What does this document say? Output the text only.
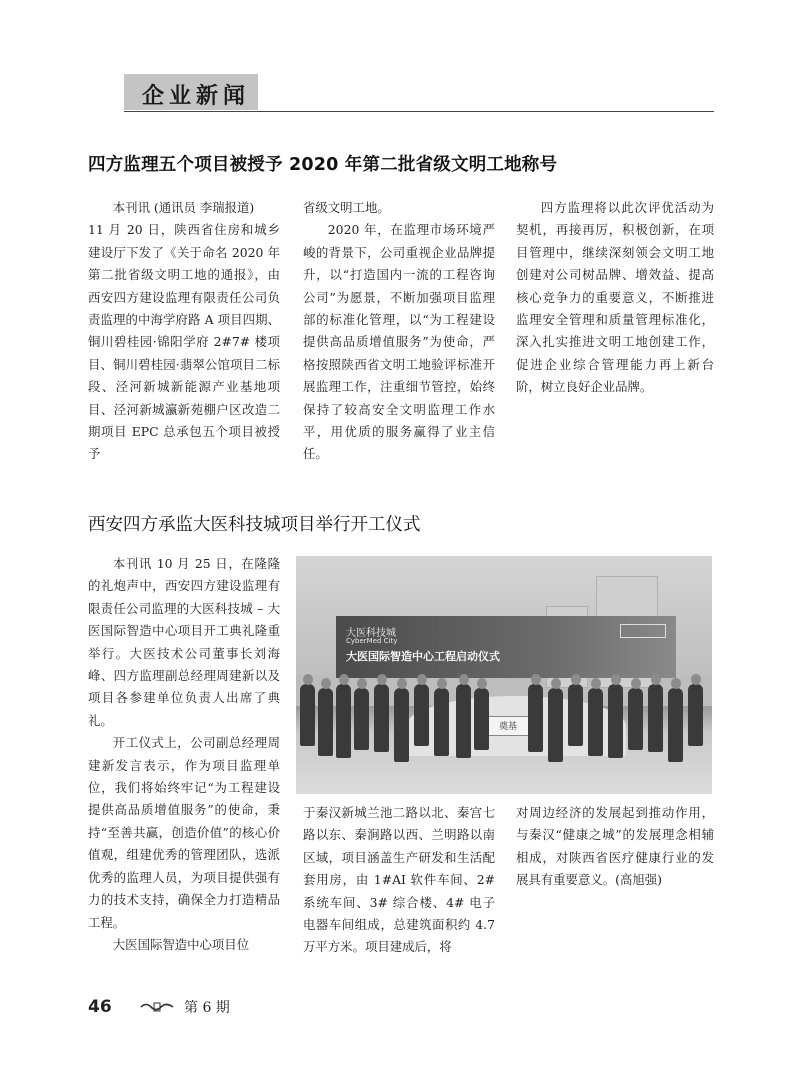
企业新闻
四方监理五个项目被授予 2020 年第二批省级文明工地称号

本刊讯 (通讯员 李瑞报道)

11 月 20 日，陕西省住房和城乡建设厅下发了《关于命名 2020 年第二批省级文明工地的通报》，由西安四方建设监理有限责任公司负责监理的中海学府路 A 项目四期、铜川碧桂园·锦阳学府 2#7# 楼项目、铜川碧桂园·翡翠公馆项目二标段、泾河新城新能源产业基地项目、泾河新城瀛新苑棚户区改造二期项目 EPC 总承包五个项目被授予

省级文明工地。

2020 年，在监理市场环境严峻的背景下，公司重视企业品牌提升，以“打造国内一流的工程咨询公司”为愿景，不断加强项目监理部的标准化管理，以“为工程建设提供高品质增值服务”为使命，严格按照陕西省文明工地验评标准开展监理工作，注重细节管控，始终保持了较高安全文明监理工作水平，用优质的服务赢得了业主信任。

四方监理将以此次评优活动为契机，再接再厉，积极创新，在项目管理中，继续深刻领会文明工地创建对公司树品牌、增效益、提高核心竞争力的重要意义，不断推进监理安全管理和质量管理标准化，深入扎实推进文明工地创建工作，促进企业综合管理能力再上新台阶，树立良好企业品牌。

西安四方承监大医科技城项目举行开工仪式

本刊讯 10 月 25 日，在隆隆的礼炮声中，西安四方建设监理有限责任公司监理的大医科技城 – 大医国际智造中心项目开工典礼隆重举行。大医技术公司董事长刘海峰、四方监理副总经理周建新以及项目各参建单位负责人出席了典礼。

开工仪式上，公司副总经理周建新发言表示，作为项目监理单位，我们将始终牢记“为工程建设提供高品质增值服务”的使命，秉持“至善共赢，创造价值”的核心价值观，组建优秀的管理团队，选派优秀的监理人员，为项目提供强有力的技术支持，确保全力打造精品工程。

大医国际智造中心项目位

大医科技城
CyberMed City
大医国际智造中心工程启动仪式
奠基

于秦汉新城兰池二路以北、秦宫七路以东、秦涧路以西、兰明路以南区域，项目涵盖生产研发和生活配套用房，由 1#AI 软件车间、2# 系统车间、3# 综合楼、4# 电子电器车间组成，总建筑面积约 4.7 万平方米。项目建成后，将

对周边经济的发展起到推动作用，与秦汉“健康之城”的发展理念相辅相成，对陕西省医疗健康行业的发展具有重要意义。(高旭强)

46	第 6 期
